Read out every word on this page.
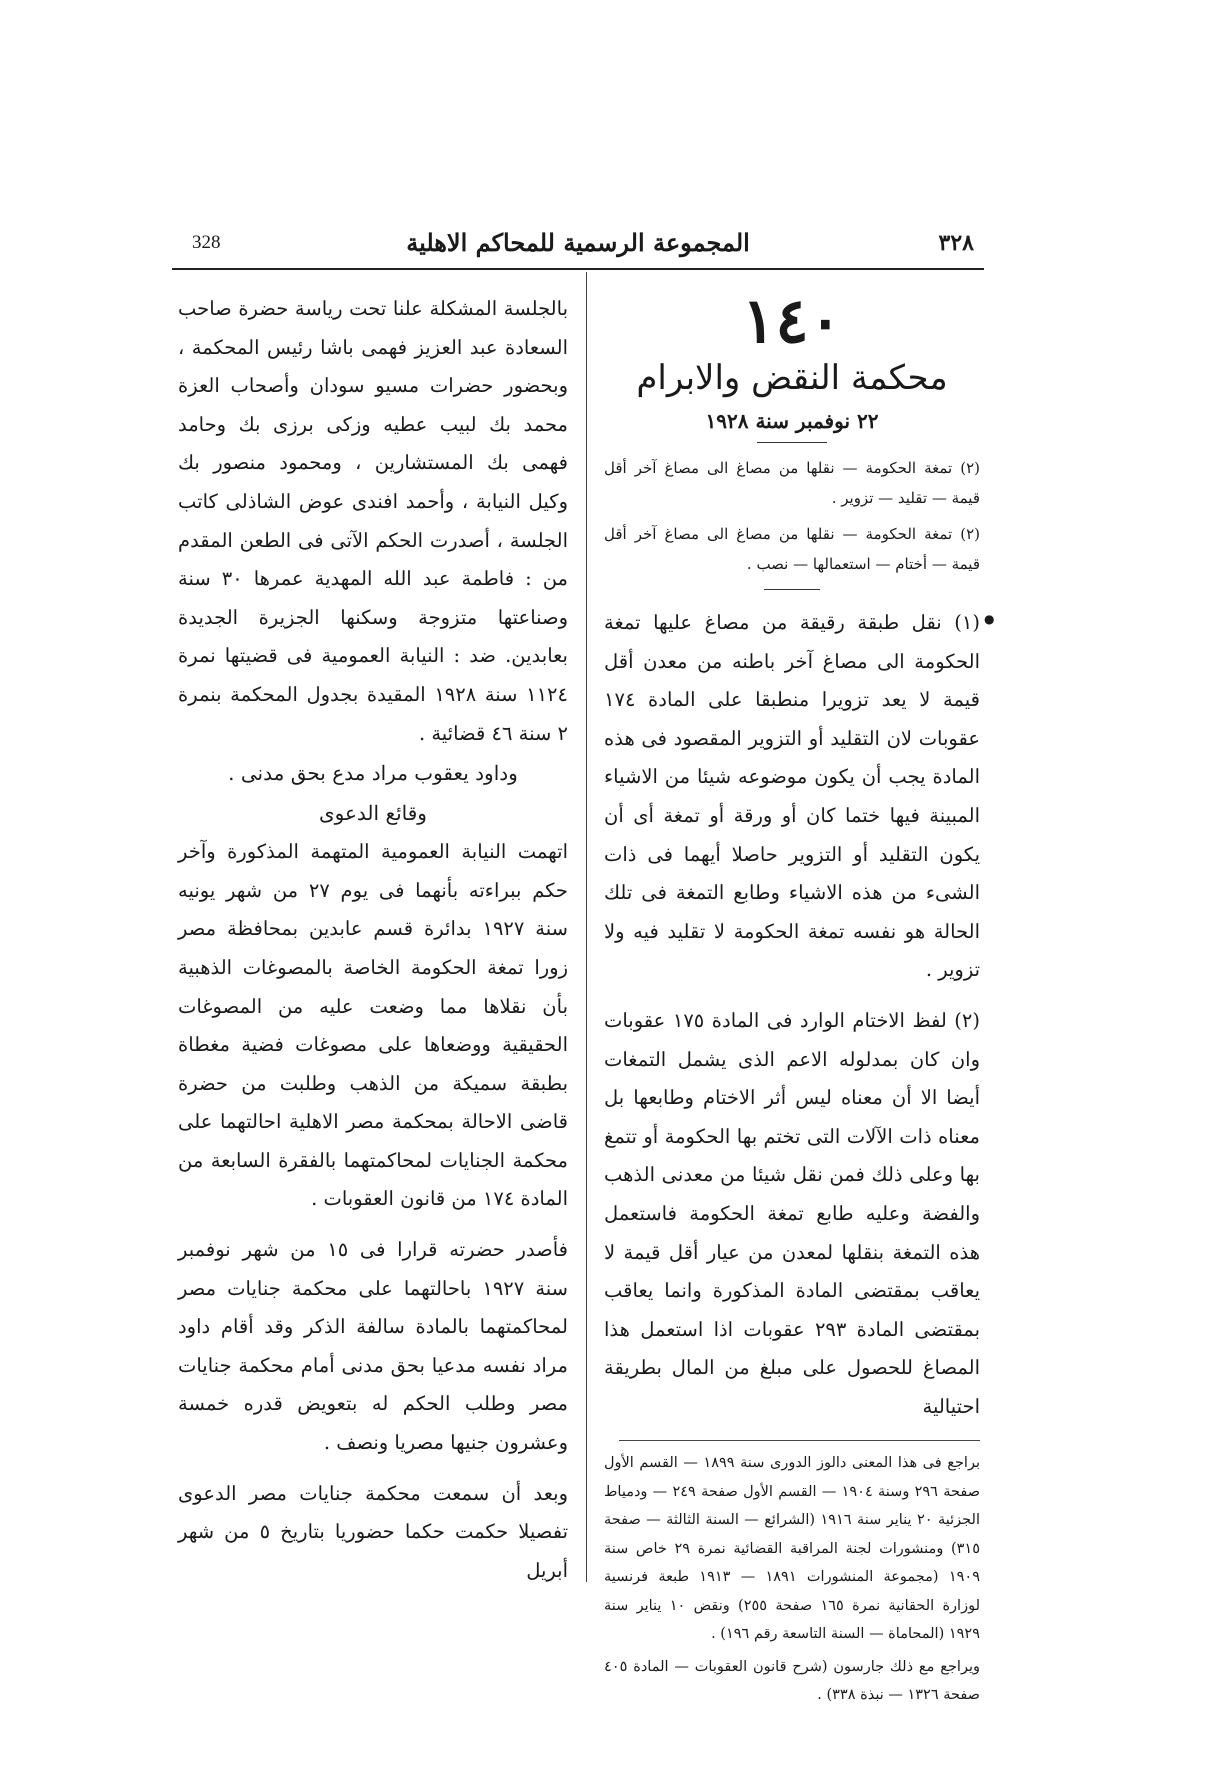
328	المجموعة الرسمية للمحاكم الاهلية	٣٢٨
١٤٠
محكمة النقض والابرام
٢٢ نوفمبر سنة ١٩٢٨

(٢) تمغة الحكومة — نقلها من مصاغ الى مصاغ آخر أقل قيمة — تقليد — تزوير .

(٢) تمغة الحكومة — نقلها من مصاغ الى مصاغ آخر أقل قيمة — أختام — استعمالها — نصب .

(١) نقل طبقة رقيقة من مصاغ عليها تمغة الحكومة الى مصاغ آخر باطنه من معدن أقل قيمة لا يعد تزويرا منطبقا على المادة ١٧٤ عقوبات لان التقليد أو التزوير المقصود فى هذه المادة يجب أن يكون موضوعه شيئا من الاشياء المبينة فيها ختما كان أو ورقة أو تمغة أى أن يكون التقليد أو التزوير حاصلا أيهما فى ذات الشىء من هذه الاشياء وطابع التمغة فى تلك الحالة هو نفسه تمغة الحكومة لا تقليد فيه ولا تزوير .

(٢) لفظ الاختام الوارد فى المادة ١٧٥ عقوبات وان كان بمدلوله الاعم الذى يشمل التمغات أيضا الا أن معناه ليس أثر الاختام وطابعها بل معناه ذات الآلات التى تختم بها الحكومة أو تتمغ بها وعلى ذلك فمن نقل شيئا من معدنى الذهب والفضة وعليه طابع تمغة الحكومة فاستعمل هذه التمغة بنقلها لمعدن من عيار أقل قيمة لا يعاقب بمقتضى المادة المذكورة وانما يعاقب بمقتضى المادة ٢٩٣ عقوبات اذا استعمل هذا المصاغ للحصول على مبلغ من المال بطريقة احتيالية

براجع فى هذا المعنى دالوز الدورى سنة ١٨٩٩ — القسم الأول صفحة ٢٩٦ وسنة ١٩٠٤ — القسم الأول صفحة ٢٤٩ — ودمياط الجزئية ٢٠ يناير سنة ١٩١٦ (الشرائع — السنة الثالثة — صفحة ٣١٥) ومنشورات لجنة المراقبة القضائية نمرة ٢٩ خاص سنة ١٩٠٩ (مجموعة المنشورات ١٨٩١ — ١٩١٣ طبعة فرنسية لوزارة الحقانية نمرة ١٦٥ صفحة ٢٥٥) ونقض ١٠ يناير سنة ١٩٢٩ (المحاماة — السنة التاسعة رقم ١٩٦) .

ويراجع مع ذلك جارسون (شرح قانون العقوبات — المادة ٤٠٥ صفحة ١٣٢٦ — نبذة ٣٣٨) .

●

بالجلسة المشكلة علنا تحت رياسة حضرة صاحب السعادة عبد العزيز فهمى باشا رئيس المحكمة ، وبحضور حضرات مسيو سودان وأصحاب العزة محمد بك لبيب عطيه وزكى برزى بك وحامد فهمى بك المستشارين ، ومحمود منصور بك وكيل النيابة ، وأحمد افندى عوض الشاذلى كاتب الجلسة ، أصدرت الحكم الآتى فى الطعن المقدم من : فاطمة عبد الله المهدية عمرها ٣٠ سنة وصناعتها متزوجة وسكنها الجزيرة الجديدة بعابدين. ضد : النيابة العمومية فى قضيتها نمرة ١١٢٤ سنة ١٩٢٨ المقيدة بجدول المحكمة بنمرة ٢ سنة ٤٦ قضائية .

وداود يعقوب مراد مدع بحق مدنى .
وقائع الدعوى

اتهمت النيابة العمومية المتهمة المذكورة وآخر حكم ببراءته بأنهما فى يوم ٢٧ من شهر يونيه سنة ١٩٢٧ بدائرة قسم عابدين بمحافظة مصر زورا تمغة الحكومة الخاصة بالمصوغات الذهبية بأن نقلاها مما وضعت عليه من المصوغات الحقيقية ووضعاها على مصوغات فضية مغطاة بطبقة سميكة من الذهب وطلبت من حضرة قاضى الاحالة بمحكمة مصر الاهلية احالتهما على محكمة الجنايات لمحاكمتهما بالفقرة السابعة من المادة ١٧٤ من قانون العقوبات .

فأصدر حضرته قرارا فى ١٥ من شهر نوفمبر سنة ١٩٢٧ باحالتهما على محكمة جنايات مصر لمحاكمتهما بالمادة سالفة الذكر وقد أقام داود مراد نفسه مدعيا بحق مدنى أمام محكمة جنايات مصر وطلب الحكم له بتعويض قدره خمسة وعشرون جنيها مصريا ونصف .

وبعد أن سمعت محكمة جنايات مصر الدعوى تفصيلا حكمت حكما حضوريا بتاريخ ٥ من شهر أبريل
